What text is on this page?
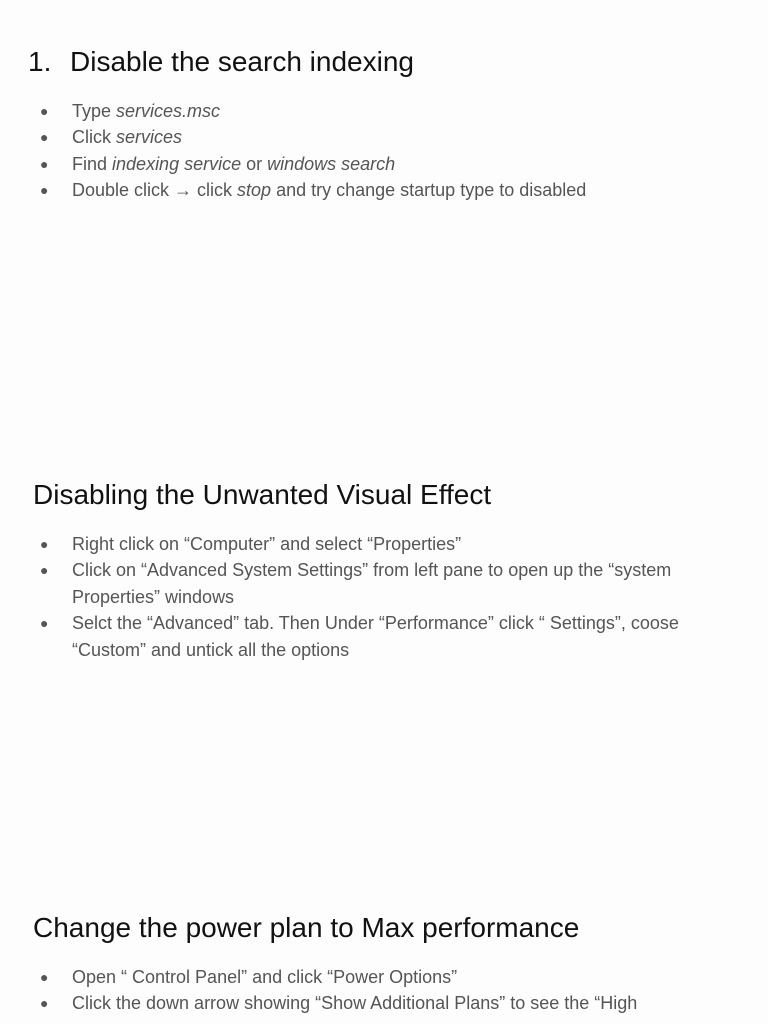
1. Disable the search indexing
● Type services.msc
● Click services
● Find indexing service or windows search
● Double click → click stop and try change startup type to disabled
Disabling the Unwanted Visual Effect
● Right click on “Computer” and select “Properties”
● Click on “Advanced System Settings” from left pane to open up the “system Properties” windows
● Selct the “Advanced” tab. Then Under “Performance” click “ Settings”, coose “Custom” and untick all the options
Change the power plan to Max performance
● Open “ Control Panel” and click “Power Options”
● Click the down arrow showing “Show Additional Plans” to see the “High
